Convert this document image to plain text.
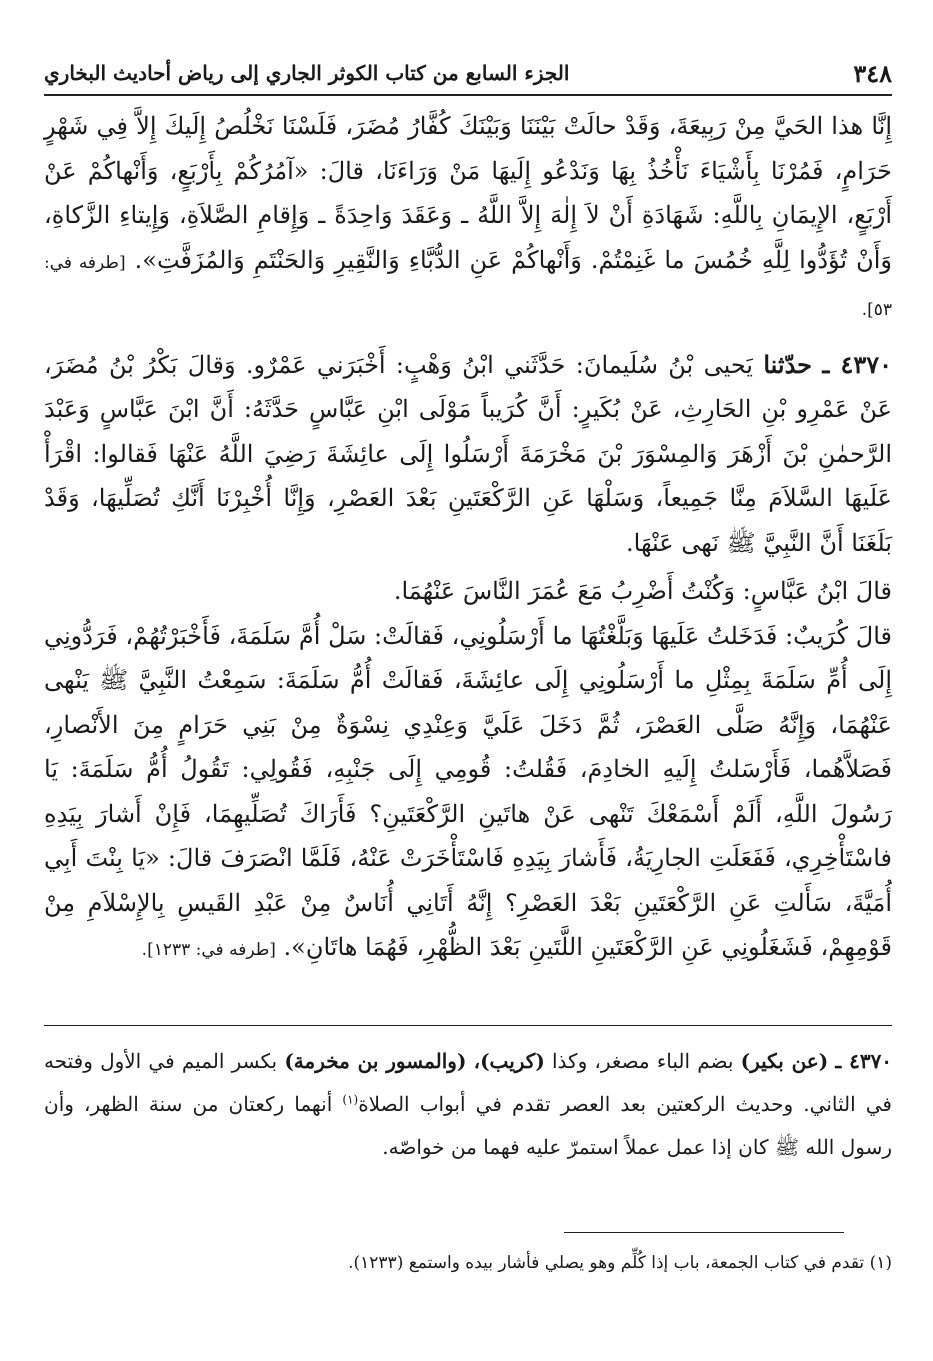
٣٤٨
الجزء السابع من كتاب الكوثر الجاري إلى رياض أحاديث البخاري

إِنَّا هذا الحَيَّ مِنْ رَبِيعَةَ، وَقَدْ حالَتْ بَيْنَنَا وَبَيْنَكَ كُفَّارُ مُضَرَ، فَلَسْنَا نَخْلُصُ إِلَيكَ إِلاَّ فِي شَهْرٍ حَرَامٍ، فَمُرْنَا بِأَشْيَاءَ نَأْخُذُ بِهَا وَنَدْعُو إِلَيهَا مَنْ وَرَاءَنَا، قالَ: «آمُرُكُمْ بِأَرْبَعٍ، وَأَنْهاكُمْ عَنْ أَرْبَعٍ، الإِيمَانِ بِاللَّهِ: شَهَادَةِ أَنْ لاَ إِلٰهَ إِلاَّ اللَّهُ ـ وَعَقَدَ وَاحِدَةً ـ وَإِقامِ الصَّلاَةِ، وَإِيتاءِ الزَّكاةِ، وَأَنْ تُؤَدُّوا لِلَّهِ خُمُسَ ما غَنِمْتُمْ. وَأَنْهاكُمْ عَنِ الدُّبَّاءِ وَالنَّقِيرِ وَالحَنْتَمِ وَالمُزَفَّتِ». [طرفه في: ٥٣].

٤٣٧٠ ـ حدّثنا يَحيى بْنُ سُلَيمانَ: حَدَّثَني ابْنُ وَهْبٍ: أَخْبَرَني عَمْرٌو. وَقالَ بَكْرُ بْنُ مُضَرَ، عَنْ عَمْرِو بْنِ الحَارِثِ، عَنْ بُكَيرٍ: أَنَّ كُرَيباً مَوْلَى ابْنِ عَبَّاسٍ حَدَّثَهُ: أَنَّ ابْنَ عَبَّاسٍ وَعَبْدَ الرَّحمٰنِ بْنَ أَزْهَرَ وَالمِسْوَرَ بْنَ مَخْرَمَةَ أَرْسَلُوا إِلَى عائِشَةَ رَضِيَ اللَّهُ عَنْهَا فَقالوا: اقْرَأْ عَلَيهَا السَّلاَمَ مِنَّا جَمِيعاً، وَسَلْهَا عَنِ الرَّكْعَتَينِ بَعْدَ العَصْرِ، وَإِنَّا أُخْبِرْنَا أَنَّكِ تُصَلِّيهَا، وَقَدْ بَلَغَنَا أَنَّ النَّبِيَّ ﷺ نَهى عَنْهَا.

قالَ ابْنُ عَبَّاسٍ: وَكُنْتُ أَضْرِبُ مَعَ عُمَرَ النَّاسَ عَنْهُمَا.

قالَ كُرَيبٌ: فَدَخَلتُ عَلَيهَا وَبَلَّغْتُهَا ما أَرْسَلُونِي، فَقالَتْ: سَلْ أُمَّ سَلَمَةَ، فَأَخْبَرْتُهُمْ، فَرَدُّونِي إِلَى أُمِّ سَلَمَةَ بِمِثْلِ ما أَرْسَلُونِي إِلَى عائِشَةَ، فَقالَتْ أُمُّ سَلَمَةَ: سَمِعْتُ النَّبِيَّ ﷺ يَنْهى عَنْهُمَا، وَإِنَّهُ صَلَّى العَصْرَ، ثُمَّ دَخَلَ عَلَيَّ وَعِنْدِي نِسْوَةٌ مِنْ بَنِي حَرَامٍ مِنَ الأَنْصارِ، فَصَلاَّهُما، فَأَرْسَلتُ إِلَيهِ الخادِمَ، فَقُلتُ: قُومِي إِلَى جَنْبِهِ، فَقُولِي: تَقُولُ أُمُّ سَلَمَةَ: يَا رَسُولَ اللَّهِ، أَلَمْ أَسْمَعْكَ تَنْهى عَنْ هاتَينِ الرَّكْعَتَينِ؟ فَأَرَاكَ تُصَلِّيهِمَا، فَإِنْ أَشارَ بِيَدِهِ فاسْتَأْخِرِي، فَفَعَلَتِ الجارِيَةُ، فَأَشارَ بِيَدِهِ فَاسْتَأْخَرَتْ عَنْهُ، فَلَمَّا انْصَرَفَ قالَ: «يَا بِنْتَ أَبِي أُمَيَّةَ، سَأَلتِ عَنِ الرَّكْعَتَينِ بَعْدَ العَصْرِ؟ إِنَّهُ أَتَانِي أُنَاسٌ مِنْ عَبْدِ القَيسِ بِالإِسْلاَمِ مِنْ قَوْمِهِمْ، فَشَغَلُونِي عَنِ الرَّكْعَتَينِ اللَّتَينِ بَعْدَ الظُّهْرِ، فَهُمَا هاتَانِ». [طرفه في: ١٢٣٣].

٤٣٧٠ ـ (عن بكير) بضم الباء مصغر، وكذا (كريب)، (والمسور بن مخرمة) بكسر الميم في الأول وفتحه في الثاني. وحديث الركعتين بعد العصر تقدم في أبواب الصلاة$^{(١)}$ أنهما ركعتان من سنة الظهر، وأن رسول الله ﷺ كان إذا عمل عملاً استمرّ عليه فهما من خواصّه.

(١) تقدم في كتاب الجمعة، باب إذا كُلِّم وهو يصلي فأشار بيده واستمع (١٢٣٣).
